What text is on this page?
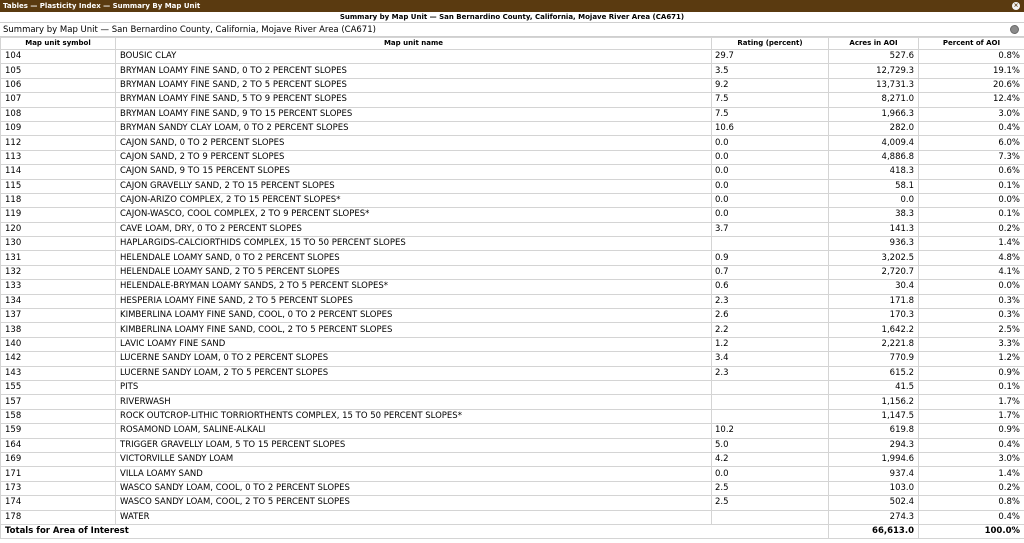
Tables — Plasticity Index — Summary By Map Unit	×
Summary by Map Unit — San Bernardino County, California, Mojave River Area (CA671)
Summary by Map Unit — San Bernardino County, California, Mojave River Area (CA671)
Map unit symbol	Map unit name	Rating (percent)	Acres in AOI	Percent of AOI
104	BOUSIC CLAY	29.7	527.6	0.8%
105	BRYMAN LOAMY FINE SAND, 0 TO 2 PERCENT SLOPES	3.5	12,729.3	19.1%
106	BRYMAN LOAMY FINE SAND, 2 TO 5 PERCENT SLOPES	9.2	13,731.3	20.6%
107	BRYMAN LOAMY FINE SAND, 5 TO 9 PERCENT SLOPES	7.5	8,271.0	12.4%
108	BRYMAN LOAMY FINE SAND, 9 TO 15 PERCENT SLOPES	7.5	1,966.3	3.0%
109	BRYMAN SANDY CLAY LOAM, 0 TO 2 PERCENT SLOPES	10.6	282.0	0.4%
112	CAJON SAND, 0 TO 2 PERCENT SLOPES	0.0	4,009.4	6.0%
113	CAJON SAND, 2 TO 9 PERCENT SLOPES	0.0	4,886.8	7.3%
114	CAJON SAND, 9 TO 15 PERCENT SLOPES	0.0	418.3	0.6%
115	CAJON GRAVELLY SAND, 2 TO 15 PERCENT SLOPES	0.0	58.1	0.1%
118	CAJON-ARIZO COMPLEX, 2 TO 15 PERCENT SLOPES*	0.0	0.0	0.0%
119	CAJON-WASCO, COOL COMPLEX, 2 TO 9 PERCENT SLOPES*	0.0	38.3	0.1%
120	CAVE LOAM, DRY, 0 TO 2 PERCENT SLOPES	3.7	141.3	0.2%
130	HAPLARGIDS-CALCIORTHIDS COMPLEX, 15 TO 50 PERCENT SLOPES		936.3	1.4%
131	HELENDALE LOAMY SAND, 0 TO 2 PERCENT SLOPES	0.9	3,202.5	4.8%
132	HELENDALE LOAMY SAND, 2 TO 5 PERCENT SLOPES	0.7	2,720.7	4.1%
133	HELENDALE-BRYMAN LOAMY SANDS, 2 TO 5 PERCENT SLOPES*	0.6	30.4	0.0%
134	HESPERIA LOAMY FINE SAND, 2 TO 5 PERCENT SLOPES	2.3	171.8	0.3%
137	KIMBERLINA LOAMY FINE SAND, COOL, 0 TO 2 PERCENT SLOPES	2.6	170.3	0.3%
138	KIMBERLINA LOAMY FINE SAND, COOL, 2 TO 5 PERCENT SLOPES	2.2	1,642.2	2.5%
140	LAVIC LOAMY FINE SAND	1.2	2,221.8	3.3%
142	LUCERNE SANDY LOAM, 0 TO 2 PERCENT SLOPES	3.4	770.9	1.2%
143	LUCERNE SANDY LOAM, 2 TO 5 PERCENT SLOPES	2.3	615.2	0.9%
155	PITS		41.5	0.1%
157	RIVERWASH		1,156.2	1.7%
158	ROCK OUTCROP-LITHIC TORRIORTHENTS COMPLEX, 15 TO 50 PERCENT SLOPES*		1,147.5	1.7%
159	ROSAMOND LOAM, SALINE-ALKALI	10.2	619.8	0.9%
164	TRIGGER GRAVELLY LOAM, 5 TO 15 PERCENT SLOPES	5.0	294.3	0.4%
169	VICTORVILLE SANDY LOAM	4.2	1,994.6	3.0%
171	VILLA LOAMY SAND	0.0	937.4	1.4%
173	WASCO SANDY LOAM, COOL, 0 TO 2 PERCENT SLOPES	2.5	103.0	0.2%
174	WASCO SANDY LOAM, COOL, 2 TO 5 PERCENT SLOPES	2.5	502.4	0.8%
178	WATER		274.3	0.4%
Totals for Area of Interest			66,613.0	100.0%
